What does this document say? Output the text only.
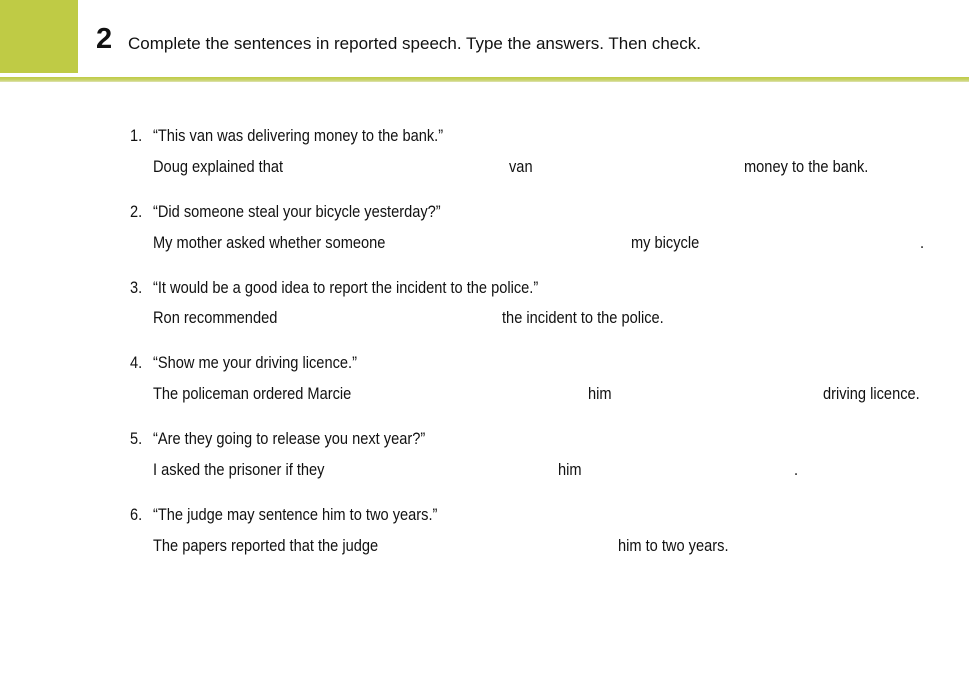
2 Complete the sentences in reported speech. Type the answers. Then check.
1. “This van was delivering money to the bank.”
Doug explained that	van	money to the bank.
2. “Did someone steal your bicycle yesterday?”
My mother asked whether someone	my bicycle	.
3. “It would be a good idea to report the incident to the police.”
Ron recommended	the incident to the police.
4. “Show me your driving licence.”
The policeman ordered Marcie	him	driving licence.
5. “Are they going to release you next year?”
I asked the prisoner if they	him	.
6. “The judge may sentence him to two years.”
The papers reported that the judge	him to two years.
